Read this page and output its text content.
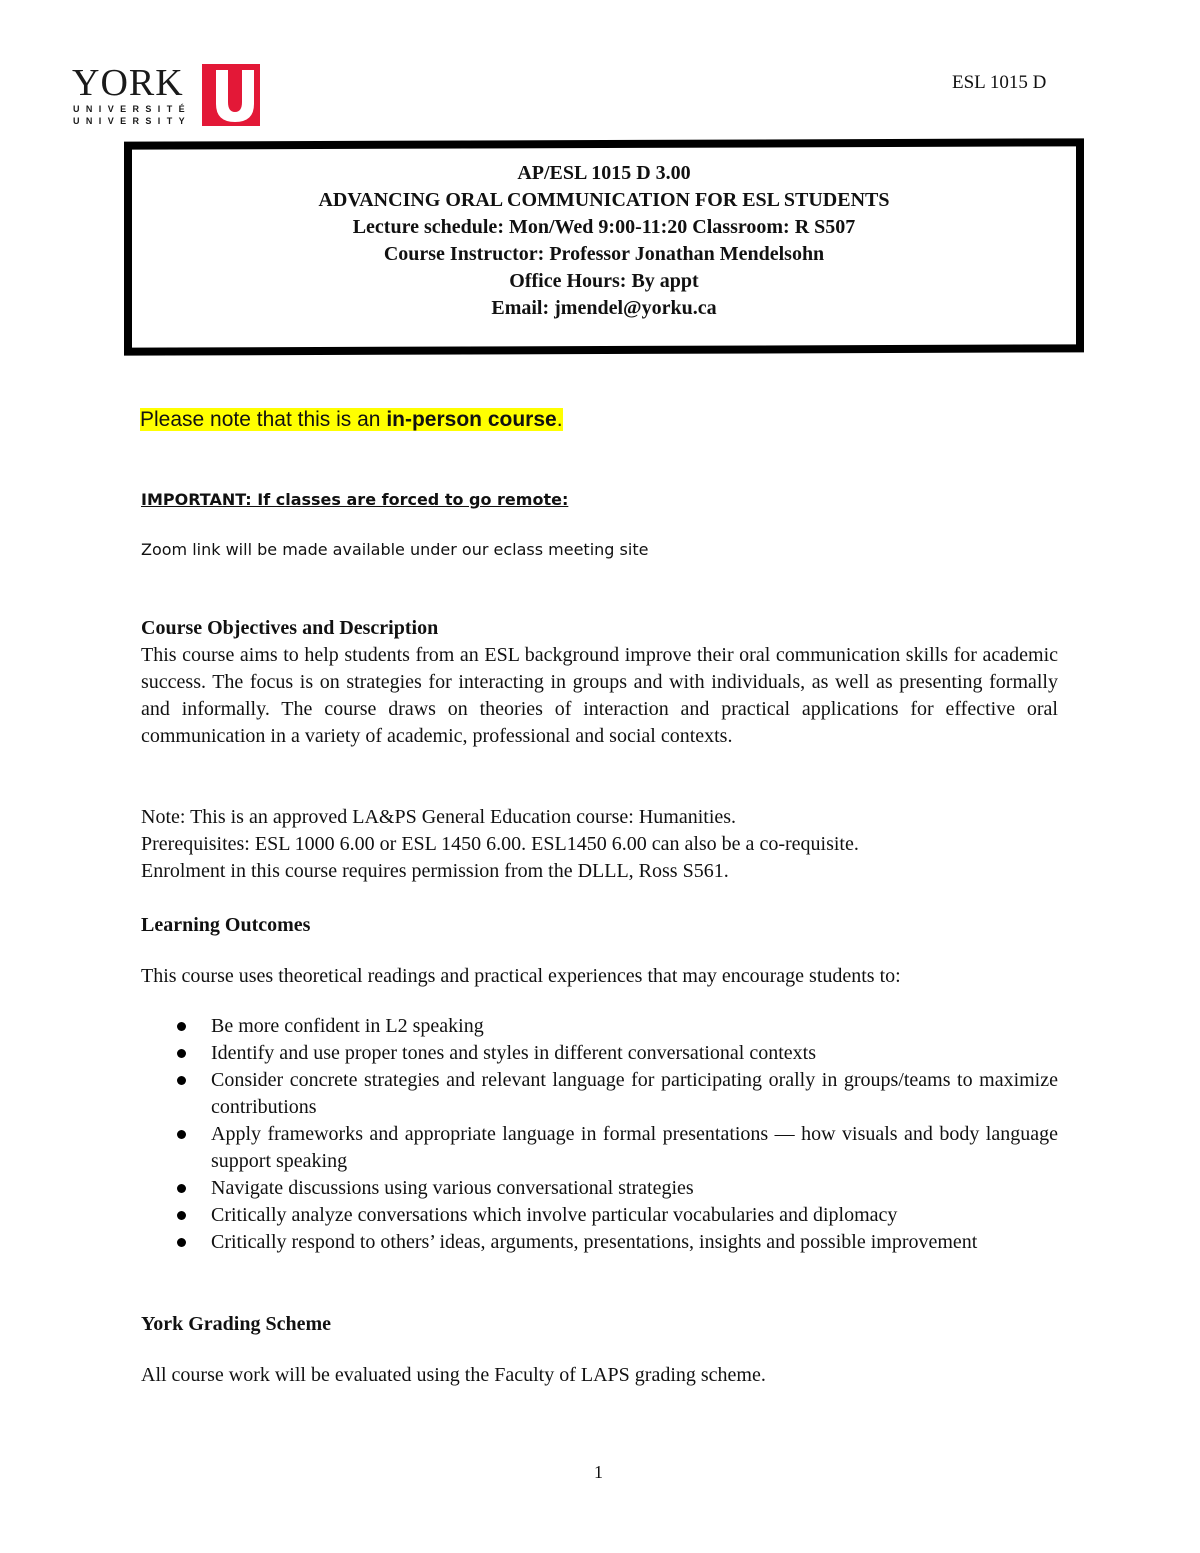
YORK
UNIVERSITÉ
UNIVERSITY
ESL 1015 D
AP/ESL 1015 D 3.00
ADVANCING ORAL COMMUNICATION FOR ESL STUDENTS
Lecture schedule: Mon/Wed 9:00-11:20 Classroom: R S507
Course Instructor: Professor Jonathan Mendelsohn
Office Hours: By appt
Email: jmendel@yorku.ca
Please note that this is an in-person course.
IMPORTANT: If classes are forced to go remote:
Zoom link will be made available under our eclass meeting site
Course Objectives and Description
This course aims to help students from an ESL background improve their oral communication skills for academic success. The focus is on strategies for interacting in groups and with individuals, as well as presenting formally and informally. The course draws on theories of interaction and practical applications for effective oral communication in a variety of academic, professional and social contexts.
Note: This is an approved LA&PS General Education course: Humanities.
Prerequisites: ESL 1000 6.00 or ESL 1450 6.00. ESL1450 6.00 can also be a co-requisite.
Enrolment in this course requires permission from the DLLL, Ross S561.
Learning Outcomes
This course uses theoretical readings and practical experiences that may encourage students to:
Be more confident in L2 speaking
Identify and use proper tones and styles in different conversational contexts
Consider concrete strategies and relevant language for participating orally in groups/teams to maximize contributions
Apply frameworks and appropriate language in formal presentations — how visuals and body language support speaking
Navigate discussions using various conversational strategies
Critically analyze conversations which involve particular vocabularies and diplomacy
Critically respond to others’ ideas, arguments, presentations, insights and possible improvement
York Grading Scheme
All course work will be evaluated using the Faculty of LAPS grading scheme.
1
